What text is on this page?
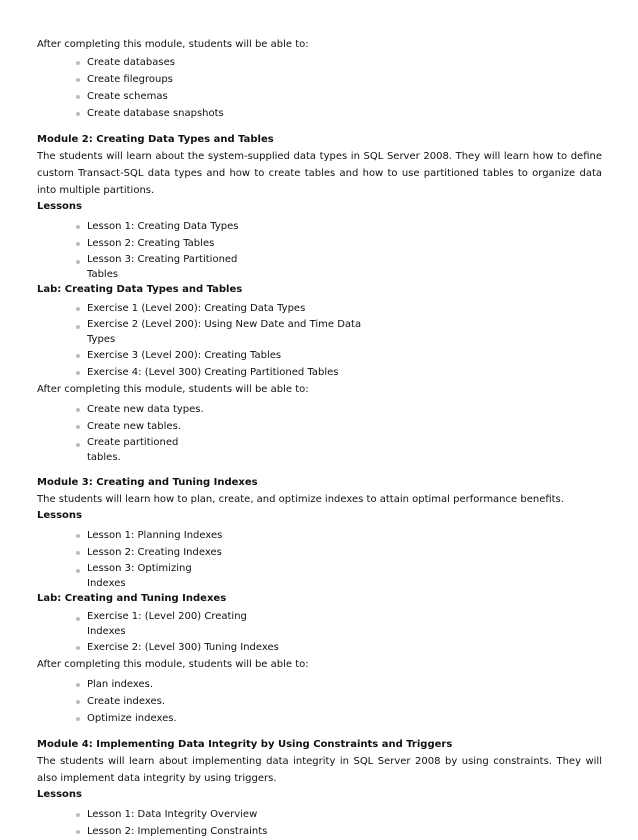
After completing this module, students will be able to:

Create databases
Create filegroups
Create schemas
Create database snapshots

Module 2: Creating Data Types and Tables

The students will learn about the system-supplied data types in SQL Server 2008. They will learn how to define custom Transact-SQL data types and how to create tables and how to use partitioned tables to organize data into multiple partitions.

Lessons

Lesson 1: Creating Data Types
Lesson 2: Creating Tables
Lesson 3: Creating Partitioned
Tables

Lab: Creating Data Types and Tables

Exercise 1 (Level 200): Creating Data Types
Exercise 2 (Level 200): Using New Date and Time Data
Types
Exercise 3 (Level 200): Creating Tables
Exercise 4: (Level 300) Creating Partitioned Tables

After completing this module, students will be able to:

Create new data types.
Create new tables.
Create partitioned
tables.

Module 3: Creating and Tuning Indexes

The students will learn how to plan, create, and optimize indexes to attain optimal performance benefits.

Lessons

Lesson 1: Planning Indexes
Lesson 2: Creating Indexes
Lesson 3: Optimizing
Indexes

Lab: Creating and Tuning Indexes

Exercise 1: (Level 200) Creating
Indexes
Exercise 2: (Level 300) Tuning Indexes

After completing this module, students will be able to:

Plan indexes.
Create indexes.
Optimize indexes.

Module 4: Implementing Data Integrity by Using Constraints and Triggers

The students will learn about implementing data integrity in SQL Server 2008 by using constraints. They will also implement data integrity by using triggers.

Lessons

Lesson 1: Data Integrity Overview
Lesson 2: Implementing Constraints
